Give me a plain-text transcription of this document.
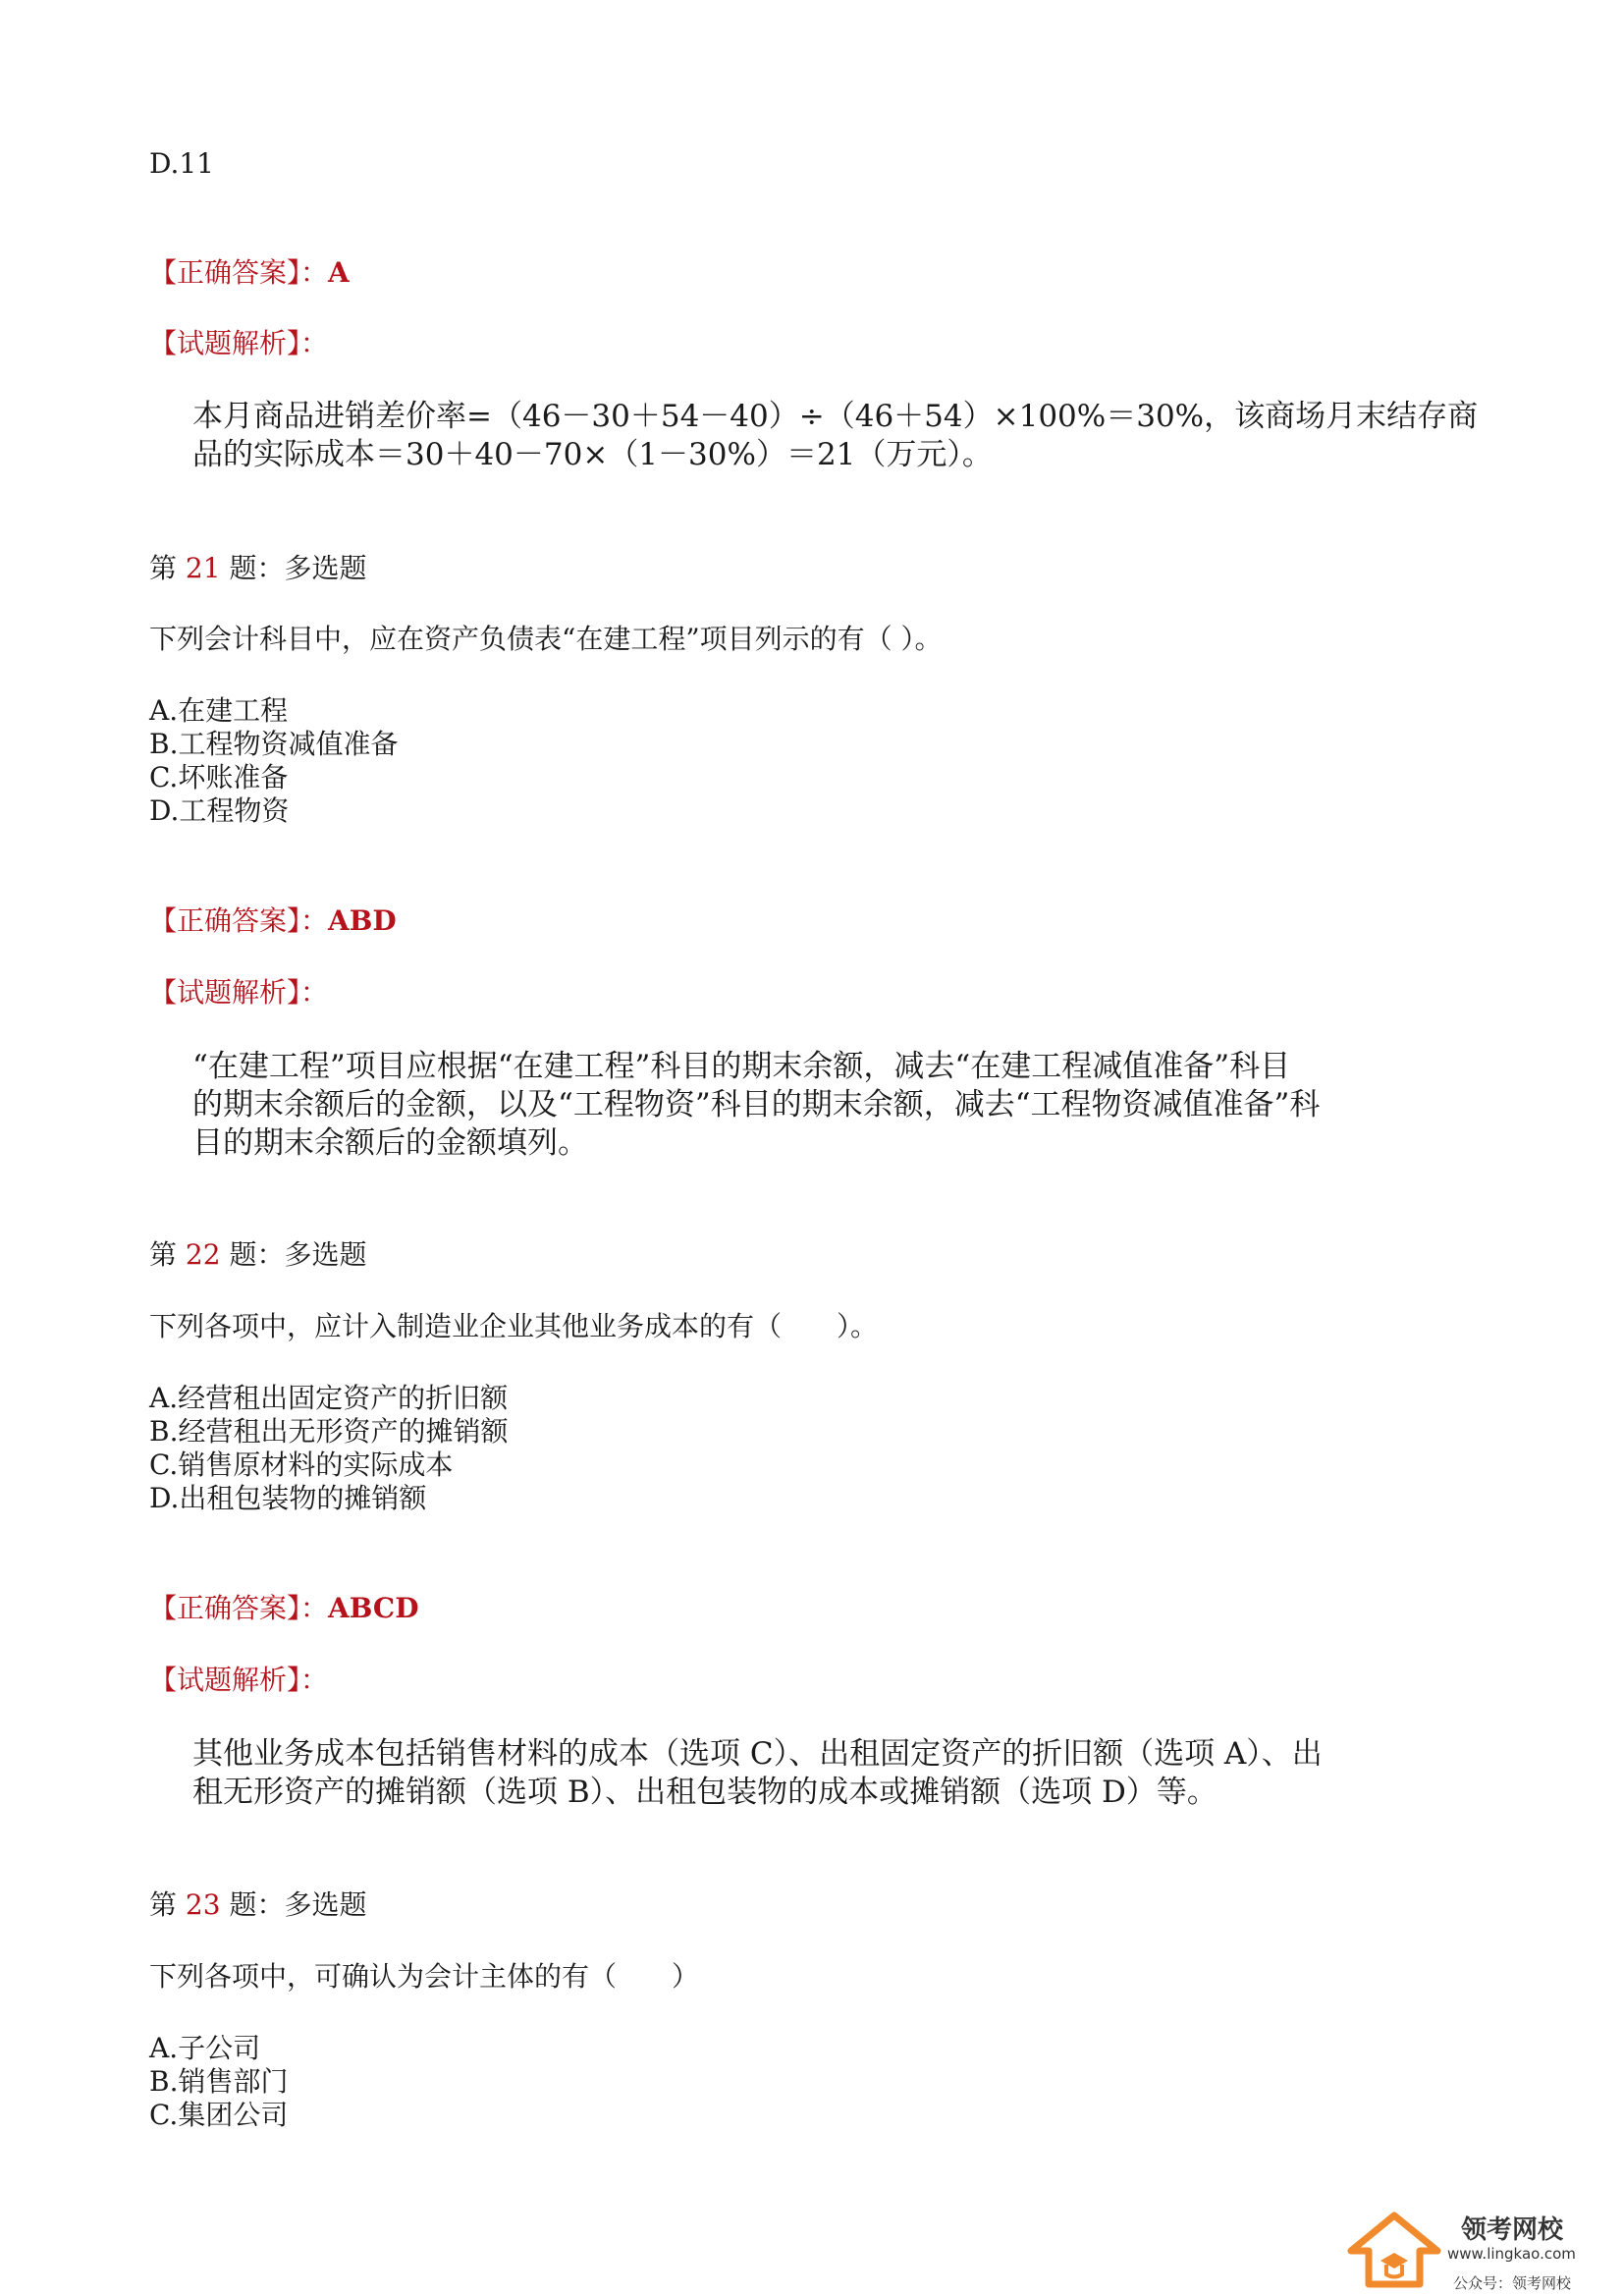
D.11
【正确答案】：A
【试题解析】：
本月商品进销差价率=（46－30＋54－40）÷（46＋54）×100%＝30%，该商场月末结存商
品的实际成本＝30＋40－70×（1－30%）＝21（万元）。
第 21 题：多选题
下列会计科目中，应在资产负债表“在建工程”项目列示的有（ ）。
A.在建工程
B.工程物资减值准备
C.坏账准备
D.工程物资
【正确答案】：ABD
【试题解析】：
“在建工程”项目应根据“在建工程”科目的期末余额，减去“在建工程减值准备”科目
的期末余额后的金额，以及“工程物资”科目的期末余额，减去“工程物资减值准备”科
目的期末余额后的金额填列。
第 22 题：多选题
下列各项中，应计入制造业企业其他业务成本的有（　　）。
A.经营租出固定资产的折旧额
B.经营租出无形资产的摊销额
C.销售原材料的实际成本
D.出租包装物的摊销额
【正确答案】：ABCD
【试题解析】：
其他业务成本包括销售材料的成本（选项 C）、出租固定资产的折旧额（选项 A）、出
租无形资产的摊销额（选项 B）、出租包装物的成本或摊销额（选项 D）等。
第 23 题：多选题
下列各项中，可确认为会计主体的有（　　）
A.子公司
B.销售部门
C.集团公司
领考网校
www.lingkao.com
公众号：领考网校
